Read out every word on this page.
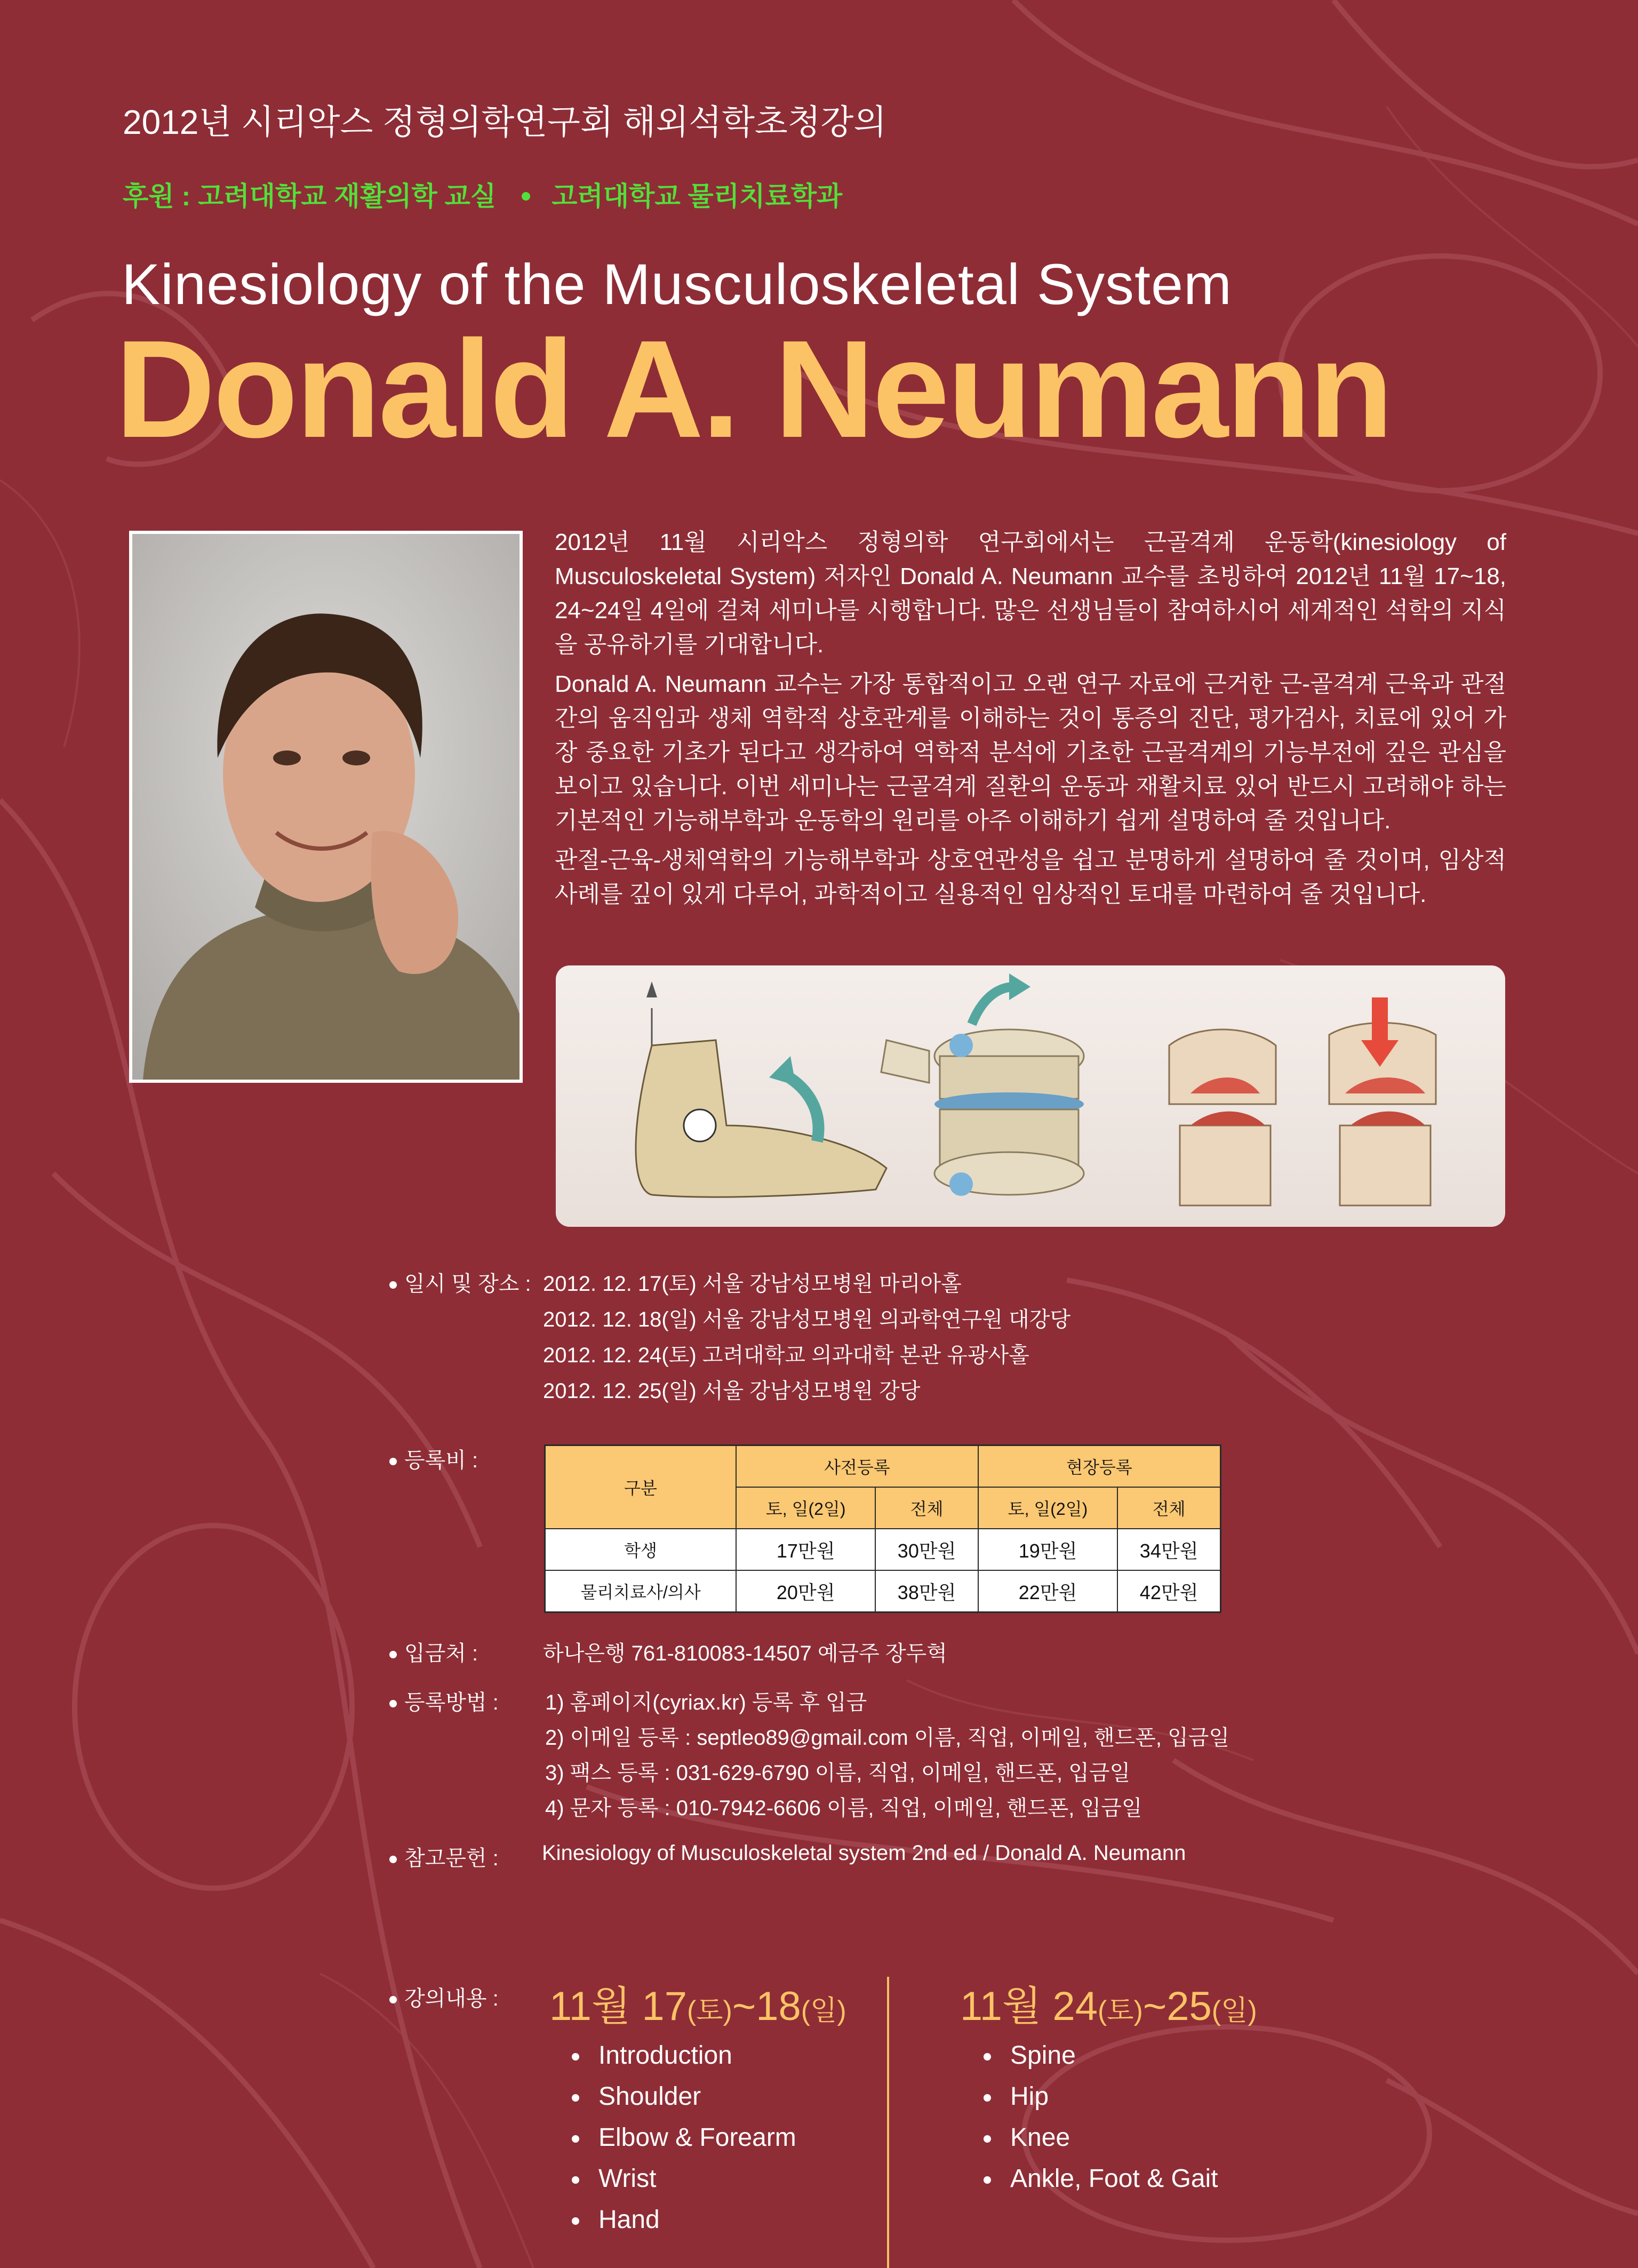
2012년 시리악스 정형의학연구회 해외석학초청강의
후원 : 고려대학교 재활의학 교실 고려대학교 물리치료학과
Kinesiology of the Musculoskeletal System
Donald A. Neumann

2012년 11월 시리악스 정형의학 연구회에서는 근골격계 운동학(kinesiology of Musculoskeletal System) 저자인 Donald A. Neumann 교수를 초빙하여 2012년 11월 17~18, 24~24일 4일에 걸쳐 세미나를 시행합니다. 많은 선생님들이 참여하시어 세계적인 석학의 지식을 공유하기를 기대합니다.

Donald A. Neumann 교수는 가장 통합적이고 오랜 연구 자료에 근거한 근-골격계 근육과 관절간의 움직임과 생체 역학적 상호관계를 이해하는 것이 통증의 진단, 평가검사, 치료에 있어 가장 중요한 기초가 된다고 생각하여 역학적 분석에 기초한 근골격계의 기능부전에 깊은 관심을 보이고 있습니다. 이번 세미나는 근골격계 질환의 운동과 재활치료 있어 반드시 고려해야 하는 기본적인 기능해부학과 운동학의 원리를 아주 이해하기 쉽게 설명하여 줄 것입니다.

관절-근육-생체역학의 기능해부학과 상호연관성을 쉽고 분명하게 설명하여 줄 것이며, 임상적 사례를 깊이 있게 다루어, 과학적이고 실용적인 임상적인 토대를 마련하여 줄 것입니다.

일시 및 장소 : 2012. 12. 17(토) 서울 강남성모병원 마리아홀
2012. 12. 18(일) 서울 강남성모병원 의과학연구원 대강당
2012. 12. 24(토) 고려대학교 의과대학 본관 유광사홀
2012. 12. 25(일) 서울 강남성모병원 강당
등록비 :
구분	사전등록		현장등록	
	토, 일(2일)	전체	토, 일(2일)	전체
학생	17만원	30만원	19만원	34만원
물리치료사/의사	20만원	38만원	22만원	42만원
입금처 :	하나은행 761-810083-14507 예금주 장두혁
등록방법 : 1) 홈페이지(cyriax.kr) 등록 후 입금
2) 이메일 등록 : septleo89@gmail.com 이름, 직업, 이메일, 핸드폰, 입금일
3) 팩스 등록 : 031-629-6790 이름, 직업, 이메일, 핸드폰, 입금일
4) 문자 등록 : 010-7942-6606 이름, 직업, 이메일, 핸드폰, 입금일
참고문헌 : Kinesiology of Musculoskeletal system 2nd ed / Donald A. Neumann
강의내용 : 11월 17(토)~18(일)
Introduction
Shoulder
Elbow & Forearm
Wrist
Hand
11월 24(토)~25(일)
Spine
Hip
Knee
Ankle, Foot & Gait
